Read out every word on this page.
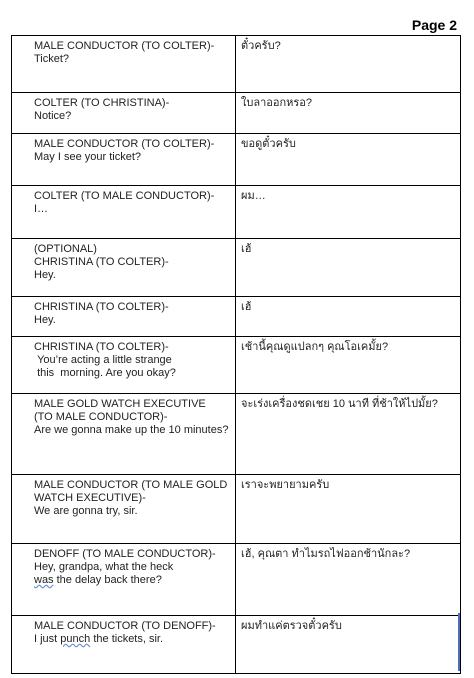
Page 2
MALE CONDUCTOR (TO COLTER)-
Ticket?	ตั๋วครับ?

COLTER (TO CHRISTINA)-
Notice?	ใบลาออกหรอ?

MALE CONDUCTOR (TO COLTER)-
May I see your ticket?	ขอดูตั๋วครับ

COLTER (TO MALE CONDUCTOR)-
I…	ผม…

(OPTIONAL)
CHRISTINA (TO COLTER)-
Hey.	เฮ้

CHRISTINA (TO COLTER)-
Hey.	เฮ้

CHRISTINA (TO COLTER)-
You’re acting a little strange
this  morning. Are you okay?	เช้านี้คุณดูแปลกๆ คุณโอเคมั้ย?

MALE GOLD WATCH EXECUTIVE  (TO MALE CONDUCTOR)-
Are we gonna make up the 10 minutes?	จะเร่งเครื่องชดเชย 10 นาที ที่ช้าให้ไปมั้ย?

MALE CONDUCTOR (TO MALE GOLD WATCH EXECUTIVE)-
We are gonna try, sir.	เราจะพยายามครับ

DENOFF (TO MALE CONDUCTOR)-
Hey, grandpa, what the heck
was the delay back there?	เฮ้, คุณตา ทำไมรถไฟออกช้านักละ?

MALE CONDUCTOR (TO DENOFF)-
I just punch the tickets, sir.	ผมทำแค่ตรวจตั๋วครับ
